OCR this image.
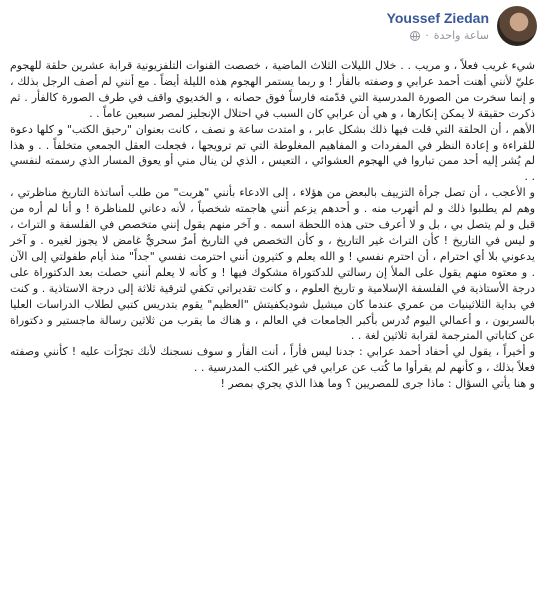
Youssef Ziedan
ساعة واحدة
·

شيء غريب فعلاً ، و مريب . . خلال الليلات الثلاث الماضية ، خصصت القنوات التلفزيونية قرابة عشرين حلقة للهجوم عليّ لأنني أهنت أحمد عرابي و وصفته بالفأر ! و ربما يستمر الهجوم هذه الليلة أيضاً . مع أنني لم أصف الرجل بذلك ، و إنما سخرت من الصورة المدرسية التي قدّمته فارساً فوق حصانه ، و الخديوي واقف في طرف الصورة كالفأر . ثم ذكرت حقيقة لا يمكن إنكارها ، و هي أن عرابي كان السبب في احتلال الإنجليز لمصر سبعين عاماً . .

الأهم ، أن الحلقة التي قلت فيها ذلك بشكل عابر ، و امتدت ساعة و نصف ، كانت بعنوان "رحيق الكتب" و كلها دعوة للقراءة و إعادة النظر في المفردات و المفاهيم المغلوطة التي تم ترويجها ، فجعلت العقل الجمعي متخلفاً . . و هذا لم يُشر إليه أحد ممن تباروا في الهجوم العشوائي ، التعيس ، الذي لن ينال مني أو يعوق المسار الذي رسمته لنفسي . .

و الأعجب ، أن تصل جرأة التزييف بالبعض من هؤلاء ، إلى الادعاء بأنني "هربت" من طلب أساتذة التاريخ مناظرتي ، وهم لم يطلبوا ذلك و لم أتهرب منه . و أحدهم يزعم أنني هاجمته شخصياً ، لأنه دعاني للمناظرة ! و أنا لم أره من قبل و لم يتصل بي ، بل و لا أعرف حتى هذه اللحظة اسمه . و آخر منهم يقول إنني متخصص في الفلسفة و التراث ، و ليس في التاريخ ! كأن التراث غير التاريخ ، و كأن التخصص في التاريخ أمرٌ سحريٌّ غامض لا يجوز لغيره . و آخر يدعوني بلا أي احترام ، أن احترم نفسي ! و الله يعلم و كثيرون أنني احترمت نفسي "جداً" منذ أيام طفولتي إلى الآن . و معتوه منهم يقول على الملأ إن رسالتي للدكتوراة مشكوك فيها ! و كأنه لا يعلم أنني حصلت بعد الدكتوراة على درجة الأستاذية في الفلسفة الإسلامية و تاريخ العلوم ، و كانت تقديراتي تكفي لترقية ثلاثة إلى درجة الاستاذية . و كنت في بداية الثلاثينيات من عمري عندما كان ميشيل شوديكفيتش "العظيم" يقوم بتدريس كتبي لطلاب الدراسات العليا بالسربون ، و أعمالي اليوم تُدرس بأكبر الجامعات في العالم ، و هناك ما يقرب من ثلاثين رسالة ماجستير و دكتوراة عن كتاباتي المترجمة لقرابة ثلاثين لغة . .

و أخيراً ، يقول لي أحفاد أحمد عرابي : جدنا ليس فأراً ، أنت الفأر و سوف نسجنك لأنك تجرّأت عليه ! كأنني وصفته فعلاً بذلك ، و كأنهم لم يقرأوا ما كُتب عن عرابي في غير الكتب المدرسية . .

و هنا يأتي السؤال : ماذا جرى للمصريين ؟ وما هذا الذي يجري بمصر !
